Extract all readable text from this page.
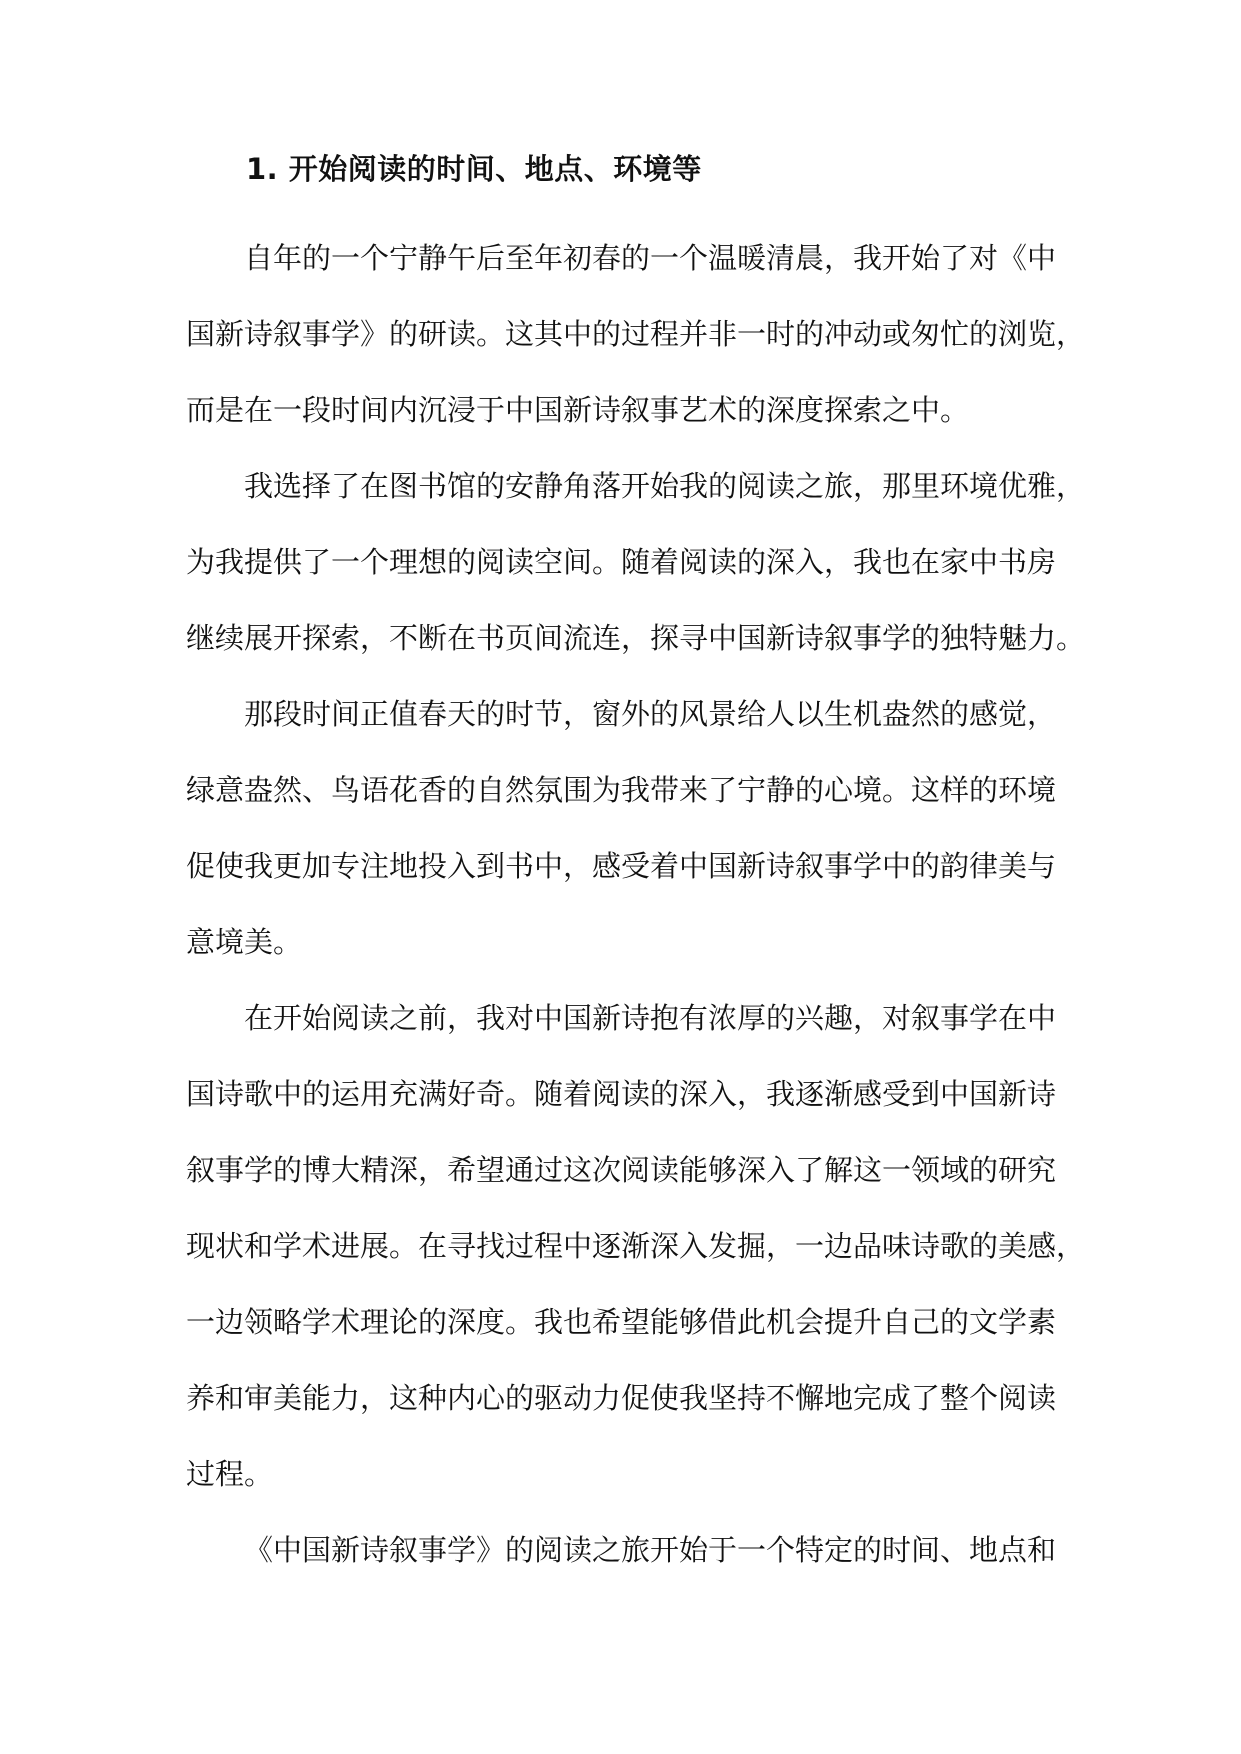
1. 开始阅读的时间、地点、环境等

自年的一个宁静午后至年初春的一个温暖清晨，我开始了对《中
国新诗叙事学》的研读。这其中的过程并非一时的冲动或匆忙的浏览，
而是在一段时间内沉浸于中国新诗叙事艺术的深度探索之中。

我选择了在图书馆的安静角落开始我的阅读之旅，那里环境优雅，
为我提供了一个理想的阅读空间。随着阅读的深入，我也在家中书房
继续展开探索，不断在书页间流连，探寻中国新诗叙事学的独特魅力。

那段时间正值春天的时节，窗外的风景给人以生机盎然的感觉，
绿意盎然、鸟语花香的自然氛围为我带来了宁静的心境。这样的环境
促使我更加专注地投入到书中，感受着中国新诗叙事学中的韵律美与
意境美。

在开始阅读之前，我对中国新诗抱有浓厚的兴趣，对叙事学在中
国诗歌中的运用充满好奇。随着阅读的深入，我逐渐感受到中国新诗
叙事学的博大精深，希望通过这次阅读能够深入了解这一领域的研究
现状和学术进展。在寻找过程中逐渐深入发掘，一边品味诗歌的美感，
一边领略学术理论的深度。我也希望能够借此机会提升自己的文学素
养和审美能力，这种内心的驱动力促使我坚持不懈地完成了整个阅读
过程。

《中国新诗叙事学》的阅读之旅开始于一个特定的时间、地点和
